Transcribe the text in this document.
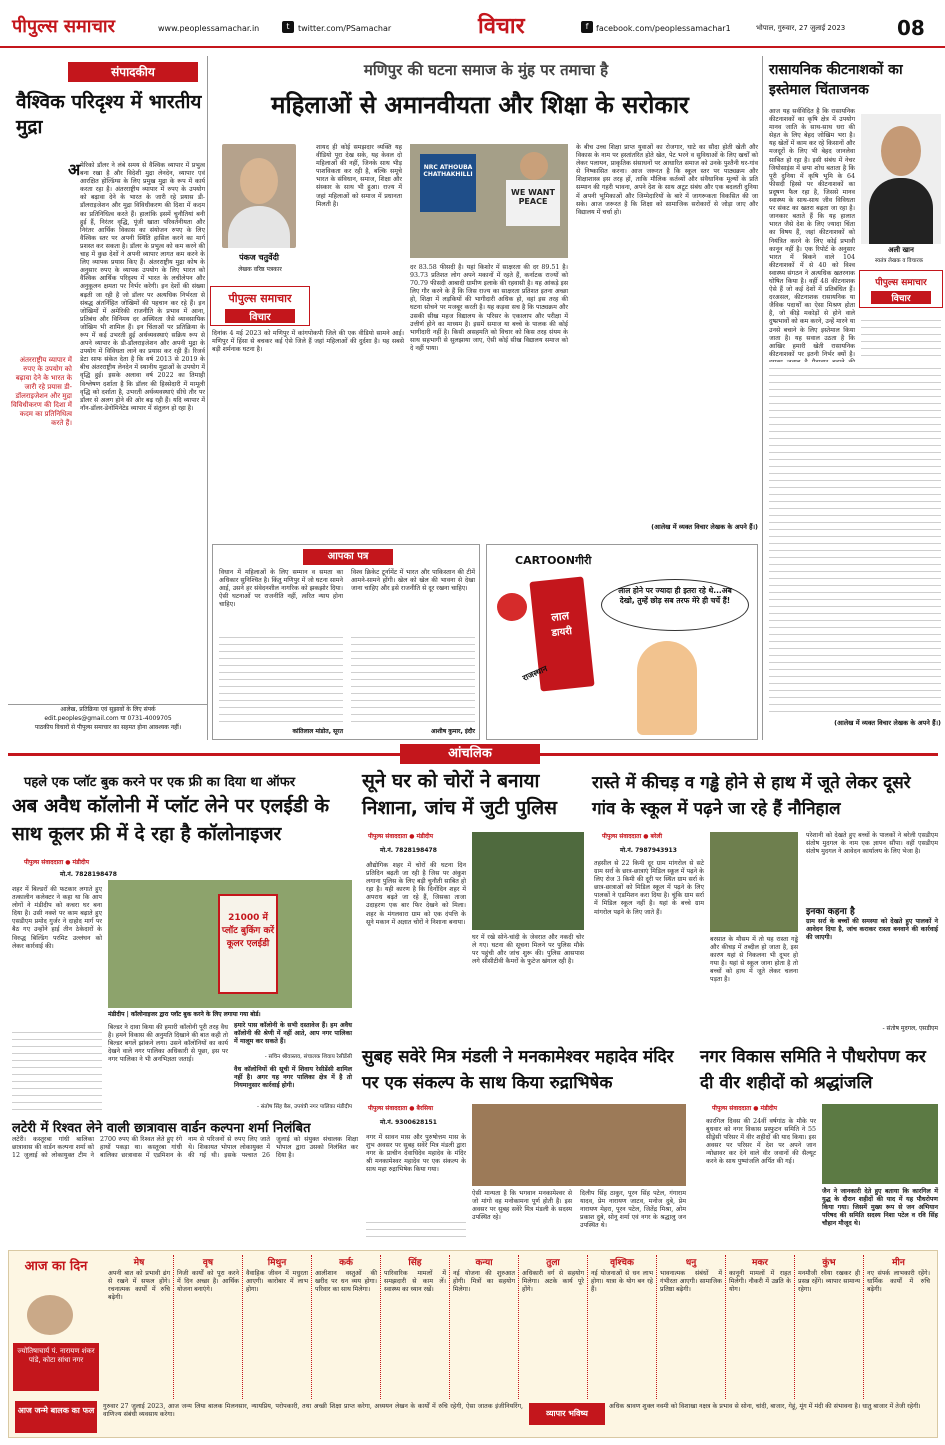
पीपुल्स समाचार	www.peoplessamachar.in	t	twitter.com/PSamachar	विचार	f facebook.com/peoplessamachar1	भोपाल, गुरुवार, 27 जुलाई 2023	08
संपादकीय
वैश्विक परिदृश्य में भारतीय मुद्रा
अ
अंतरराष्ट्रीय व्यापार में रुपए के उपयोग को बढ़ावा देने के भारत के जारी रहे प्रयास डी-डॉलराइजेशन और मुद्रा विविधीकरण की दिशा में कदम का प्रतिनिधित्व करते हैं।
मेरिको डॉलर ने लंबे समय से वैश्विक व्यापार में प्रभुत्व बना रखा है और विदेशी मुद्रा लेनदेन, व्यापार एवं आरक्षित होल्डिंग्स के लिए प्रमुख मुद्रा के रूप में कार्य करता रहा है। अंतरराष्ट्रीय व्यापार में रुपए के उपयोग को बढ़ावा देने के भारत के जारी रहे प्रयास डी-डॉलराइजेशन और मुद्रा विविधीकरण की दिशा में कदम का प्रतिनिधित्व करते हैं। हालांकि इसमें चुनौतियां बनी हुई हैं, निरंतर वृद्धि, पूंजी खाता परिवर्तनीयता और निरंतर आर्थिक विकास का संयोजन रुपए के लिए वैश्विक स्तर पर अपनी स्थिति हासिल करने का मार्ग प्रशस्त कर सकता है। डॉलर के प्रभुत्व को कम करने की चाह में कुछ देशों ने अपनी व्यापार लागत कम करने के लिए व्यापक प्रयास किए हैं। अंतरराष्ट्रीय मुद्रा कोष के अनुसार रुपए के व्यापक उपयोग के लिए भारत को वैश्विक आर्थिक परिदृश्य में भारत के लचीलेपन और अनुकूलन क्षमता पर निर्भर करेगी। इन देशों की संख्या बढ़ती जा रही है जो डॉलर पर अत्यधिक निर्भरता से संबद्ध अंतर्निहित जोखिमों की पहचान कर रहे हैं। इन जोखिमों में अमेरिकी राजनीति के प्रभाव में आना, प्रतिबंध और विनिमय दर अस्थिरता जैसे व्यावसायिक जोखिम भी शामिल हैं। इन चिंताओं पर प्रतिक्रिया के रूप में कई उभरती हुई अर्थव्यवस्थाएं सक्रिय रूप से अपने व्यापार के डी-डॉलराइजेशन और अपनी मुद्रा के उपयोग में विविधता लाने का प्रयास कर रही हैं। रिजर्व डेटा साफ संकेत देता है कि वर्ष 2013 से 2019 के बीच अंतरराष्ट्रीय लेनदेन में स्थानीय मुद्राओं के उपयोग में वृद्धि हुई। इसके अलावा वर्ष 2022 का तिमाही विश्लेषण दर्शाता है कि डॉलर की हिस्सेदारी में मामूली वृद्धि को दर्शाता है, उभरती अर्थव्यवस्थाएं सीधे तौर पर डॉलर से अलग होने की ओर बढ़ रही हैं। यदि व्यापार में नॉन-डॉलर-डेनोमिनेटेड व्यापार में संतुलन हो रहा है।
आलेख, प्रतिक्रिया एवं सुझावों के लिए संपर्क
edit.peoples@gmail.com या 0731-4009705
पाठकीय विचारों से पीपुल्स समाचार का सहमत होना आवश्यक नहीं।
मणिपुर की घटना समाज के मुंह पर तमाचा है
महिलाओं से अमानवीयता और शिक्षा के सरोकार
पंकज चतुर्वेदी
लेखक वरिष्ठ पत्रकार
पीपुल्स समाचार
विचार
शायद ही कोई समझदार व्यक्ति यह वीडियो पूरा देख सके, यह केवल दो महिलाओं की नहीं, जिनके साथ भीड़ पाशविकता कर रही है, बल्कि समूचे भारत के संविधान, समाज, शिक्षा और संस्कार के साथ भी हुआ। राज्य में जहां महिलाओं को समाज में प्रधानता मिलती है।
दिनांक 4 मई 2023 को मणिपुर में कांगपोकपी जिले की एक वीडियो सामने आई। मणिपुर में हिंसा से बचकर कई ऐसे जिले हैं जहां महिलाओं की दुर्दशा है। यह सबसे बड़ी शर्मनाक घटना है।
NRC ATHOUBA CHATHAKHILLI
WE WANT PEACE
दर 83.58 फीसदी है। यहां किशोर में साक्षरता की दर 89.51 है। 93.73 प्रतिशत लोग अपने मकानों में रहते हैं, कर्नाटक राज्यों को 70.79 फीसदी आबादी ग्रामीण इलाके की रहवासी है। यह आंकड़े इस लिए गौर करने के हैं कि जिस राज्य का साक्षरता प्रतिशत इतना अच्छा हो, शिक्षा में लड़कियों की भागीदारी अधिक हो, वहां इस तरह की घटना सोचने पर मजबूर करती है। यह कड़वा सच है कि पाठ्यक्रम और उसकी सीख महज विद्यालय के परिसर के एकालाप और परीक्षा में उत्तीर्ण होने का माध्यम है। इसमें समाज या बच्चे के पालक की कोई भागीदारी नहीं है। किसी असहमति को विचार को किस तरह संयम के साथ सहभागी से सुलझाया जाए, ऐसी कोई सीख विद्यालय समाज को दे नहीं पाया।
के बीच उच्च शिक्षा प्राप्त युवाओं का रोजगार, घाटे का सौदा होती खेती और विकास के नाम पर हस्तांतरित होते खेत, पेट भरने व सुविधाओं के लिए खर्चों को लेकर पलायन, प्राकृतिक संसाधनों पर आधारित समाज को उनके पुश्तैनी घर-गांव से निष्कासित करना। आज जरूरत है कि स्कूल स्तर पर पाठ्यक्रम और शिक्षाशास्त्र इस तरह हों, ताकि मौलिक कर्तव्यों और संवैधानिक मूल्यों के प्रति सम्मान की गहरी भावना, अपने देश के साथ अटूट संबंध और एक बदलती दुनिया में अपनी भूमिकाओं और जिम्मेदारियों के बारे में जागरूकता विकसित की जा सके। आज जरूरत है कि शिक्षा को सामाजिक सरोकारों से जोड़ा जाए और विद्यालय में चर्चा हो।
(आलेख में व्यक्त विचार लेखक के अपने हैं।)
रासायनिक कीटनाशकों का इस्तेमाल चिंताजनक
आज यह सर्वविदित है कि रासायनिक कीटनाशकों का कृषि क्षेत्र में उपयोग मानव जाति के साथ-साथ धरा की सेहत के लिए बेहद जोखिम भरा है। यह खेतों में काम कर रहे किसानों और मजदूरों के लिए भी बेहद जानलेवा साबित हो रहा है। इसी संबंध में नेचर जियोसाइंस में छपा शोध बताता है कि पूरी दुनिया में कृषि भूमि के 64 फीसदी हिस्से पर कीटनाशकों का प्रदूषण फैल रहा है, जिससे मानव स्वास्थ्य के साथ-साथ जीव विविधता पर संकट का खतरा बढ़ता जा रहा है। जानकार बताते हैं कि यह हालात भारत जैसे देश के लिए ज्यादा चिंता का विषय हैं, जहां कीटनाशकों को नियंत्रित करने के लिए कोई प्रभावी कानून नहीं है। एक रिपोर्ट के अनुसार भारत में बिकने वाले 104 कीटनाशकों में से 40 को विश्व स्वास्थ्य संगठन ने अत्यधिक खतरनाक घोषित किया है। वहीं 48 कीटनाशक ऐसे हैं जो कई देशों में प्रतिबंधित हैं। दरअसल, कीटनाशक रासायनिक या जैविक पदार्थों का ऐसा मिश्रण होता है, जो कीड़े मकोड़ों से होने वाले दुष्प्रभावों को कम करने, उन्हें मारने या उनसे बचाने के लिए इस्तेमाल किया जाता है। यह सवाल उठता है कि आखिर हमारी खेती रासायनिक कीटनाशकों पर इतनी निर्भर क्यों है।
अली खान
स्वतंत्र लेखक व विचारक
पीपुल्स समाचार
विचार
(आलेख में व्यक्त विचार लेखक के अपने हैं।)
आपका पत्र
विधान में महिलाओं के लिए सम्मान व समता का अधिकार सुनिश्चित है। किंतु मणिपुर में जो घटना सामने आई, उसने हर संवेदनशील नागरिक को झकझोर दिया। ऐसी घटनाओं पर राजनीति नहीं, त्वरित न्याय होना चाहिए।
कांतिलाल मांडोत, सूरत
विश्व क्रिकेट टूर्नामेंट में भारत और पाकिस्तान की टीमें आमने-सामने होंगी। खेल को खेल की भावना से देखा जाना चाहिए और इसे राजनीति से दूर रखना चाहिए।
आशीष कुमार, इंदौर
CARTOONगीरी
लाल
डायरी
लाल होने पर ज्यादा ही इतरा रहे थे...अब देखो, तुम्हें छोड़ सब तरफ मेरे ही चर्चे हैं!
राजस्थान
आंचलिक
पहले एक प्लॉट बुक करने पर एक फ्री का दिया था ऑफर
अब अवैध कॉलोनी में प्लॉट लेने पर एलईडी के साथ कूलर फ्री में दे रहा है कॉलोनाइजर
पीपुल्स संवाददाता ● मंडीदीप
मो.नं. 7828198478
शहर में बिल्डरों की फटकार लगाते हुए तत्कालीन कलेक्टर ने कहा था कि आप लोगों ने मंडीदीप को कचरा घर बना दिया है। उसी नक्शे पर काम बढ़ाते हुए एसडीएम प्रमोद गुर्जर ने दाहोद मार्ग पर बैठ गए उन्होंने हाई तीन ठेकेदारों के विरुद्ध बिल्डिंग परमिट उल्लंघन को लेकर कार्रवाई की।
21000 में प्लॉट बुकिंग करें कूलर एलईडी
मंडीदीप | कॉलोनाइजर द्वारा प्लॉट बुक करने के लिए लगाया गया बोर्ड।
बिल्डर ने दावा किया की हमारी कॉलोनी पूरी तरह वैध है। हमने विकास की अनुमति दिखाने की बात कही तो बिल्डर बगलें झांकने लगा। उसने कॉलोनियों का कार्य देखने वाले नगर पालिका अधिकारी से पूछा, इस पर नगर पालिका ने भी अनभिज्ञता जताई।
हमारे पास कॉलोनी के सभी दस्तावेज हैं। हम अवैध कॉलोनी की श्रेणी में नहीं आते, आप नगर पालिका में मालूम कर सकते हैं।
- सचिन श्रीवास्तव, संचालक शिवाय रेसीडेंसी
वैध कॉलोनियों की सूची में शिवाय रेसीडेंसी शामिल नहीं है। अगर यह नगर पालिका क्षेत्र में है तो नियमानुसार कार्रवाई होगी।
- संतोष सिंह बैस, उपयंत्री नगर पालिका मंडीदीप
सूने घर को चोरों ने बनाया निशाना, जांच में जुटी पुलिस
पीपुल्स संवाददाता ● मंडीदीप
मो.नं. 7828198478
औद्योगिक शहर में चोरों की घटना दिन प्रतिदिन बढ़ती जा रही है जिस पर अंकुश लगाना पुलिस के लिए बड़ी चुनौती साबित हो रहा है। यही कारण है कि दिनोंदिन शहर में अपराध बढ़ते जा रहे हैं, जिसका ताजा उदाहरण एक बार फिर देखने को मिला। शहर के मंगलवारा ग्राम को एक दंपत्ति के सूने मकान में अज्ञात चोरों ने निशाना बनाया।
घर में रखे सोने-चांदी के जेवरात और नकदी चोर ले गए। घटना की सूचना मिलने पर पुलिस मौके पर पहुंची और जांच शुरू की। पुलिस आसपास लगे सीसीटीवी कैमरों के फुटेज खंगाल रही है।
रास्ते में कीचड़ व गड्ढे होने से हाथ में जूते लेकर दूसरे गांव के स्कूल में पढ़ने जा रहे हैं नौनिहाल
पीपुल्स संवाददाता ● बरेली
मो.नं. 7987943913
तहसील से 22 किमी दूर ग्राम मांगरोल से सटे ग्राम सर्रा के छात्र-छात्राएं मिडिल स्कूल में पढ़ने के लिए रोज 3 किमी की दूरी पर स्थित ग्राम सर्रा के छात्र-छात्राओं को मिडिल स्कूल में पढ़ने के लिए पालकों ने एडमिशन करा दिया है। चूंकि ग्राम सर्रा में मिडिल स्कूल नहीं है। यहां के बच्चे ग्राम मांगरोल पढ़ने के लिए जाते हैं।
बरसात के मौसम में तो यह रास्ता गड्ढे और कीचड़ में तब्दील हो जाता है, इस कारण यहां से निकलना भी दूभर हो गया है। यहां से स्कूल जाना होता है तो बच्चों को हाथ में जूते लेकर चलना पड़ता है।
परेशानी को देखते हुए बच्चों के पालकों ने बरेली एसडीएम संतोष मुदगल के नाम एक ज्ञापन सौंपा। वहीं एसडीएम संतोष मुदगल ने आवेदन कार्यालय के लिए भेजा है।
इनका कहना है
ग्राम सर्रा के बच्चों की समस्या को देखते हुए पालकों ने आवेदन दिया है, जांच कराकर रास्ता बनवाने की कार्रवाई की जाएगी।
- संतोष मुदगल, एसडीएम
सुबह सवेरे मित्र मंडली ने मनकामेश्वर महादेव मंदिर पर एक संकल्प के साथ किया रुद्राभिषेक
पीपुल्स संवाददाता ● बैरसिया
मो.नं. 9300628151
नगर में सावन मास और पुरुषोत्तम मास के शुभ अवसर पर सुबह सवेरे मित्र मंडली द्वारा नगर के प्राचीन देवाधिदेव महादेव के मंदिर श्री मनकामेश्वर महादेव पर एक संकल्प के साथ महा रुद्राभिषेक किया गया।
ऐसी मान्यता है कि भगवान मनकामेश्वर से जो मांगो वह मनोकामना पूर्ण होती है। इस अवसर पर सुबह सवेरे मित्र मंडली के सदस्य उपस्थित रहे।
दिलीप सिंह ठाकुर, पूरन सिंह पटेल, गंगाराम यादव, प्रेम नारायण जाटव, मनोज दुबे, प्रेम नारायण मेहरा, पूरन पटेल, जितेंद्र मिश्रा, ओम प्रकाश दुबे, सोनू शर्मा एवं नगर के श्रद्धालु जन उपस्थित थे।
नगर विकास समिति ने पौधरोपण कर दी वीर शहीदों को श्रद्धांजलि
पीपुल्स संवाददाता ● मंडीदीप
कारगिल दिवस की 24वीं वर्षगांठ के मौके पर बुधवार को नगर विकास प्रस्फुटन समिति ने 55 सीड्रेसी परिसर में वीर शहीदों की याद किया। इस अवसर पर परिसर में देश पर अपने जान न्योछावर कर देने वाले वीर जवानों की सैल्यूट करने के साथ पुष्पांजलि अर्पित की गई।
जैन ने जानकारी देते हुए बताया कि कारगिल में युद्ध के दौरान शहीदों की याद में यह पौधरोपण किया गया। जिसमें मुख्य रूप से जन अभियान परिषद की समिति सदस्य निशा पटेल व रवि सिंह चौहान मौजूद थे।
लटेरी में रिश्वत लेने वाली छात्रावास वार्डन कल्पना शर्मा निलंबित
लटेरी। कस्तूरबा गांधी बालिका छात्रावास की वार्डन कल्पना शर्मा को 12 जुलाई को लोकायुक्त टीम ने 2700 रुपए की रिश्वत लेते हुए रंगे हाथों पकड़ा था। कस्तूरबा गांधी बालिका छात्रावास में एडमिशन के नाम से परिजनों से रुपए लिए जाते थे। शिकायत भोपाल लोकायुक्त में की गई थी। इसके पश्चात 26 जुलाई को संयुक्त संचालक शिक्षा भोपाल द्वारा उसको निलंबित कर दिया है।
आज का दिन
ज्योतिषाचार्य पं. नारायण शंकर पांडे, कोटा सांधा नगर
मेष
अपनी बात को प्रभावी ढंग से रखने में सफल होंगे। रचनात्मक कार्यों में रुचि बढ़ेगी।
वृष
निजी कार्यों को पूरा करने में दिन अच्छा है। आर्थिक योजना बनाएंगे।
मिथुन
वैवाहिक जीवन में मधुरता आएगी। कारोबार में लाभ होगा।
कर्क
आलीशान वस्तुओं की खरीद पर धन व्यय होगा। परिवार का साथ मिलेगा।
सिंह
पारिवारिक मामलों में समझदारी से काम लें। स्वास्थ्य का ध्यान रखें।
कन्या
नई योजना की शुरुआत होगी। मित्रों का सहयोग मिलेगा।
तुला
अधिकारी वर्ग से सहयोग मिलेगा। अटके कार्य पूरे होंगे।
वृश्चिक
नई योजनाओं से धन लाभ होगा। यात्रा के योग बन रहे हैं।
धनु
भावनात्मक संबंधों में गंभीरता आएगी। सामाजिक प्रतिष्ठा बढ़ेगी।
मकर
कानूनी मामलों में राहत मिलेगी। नौकरी में उन्नति के योग।
कुंभ
मनमौजी रवैया रखकर ही प्रसन्न रहेंगे। व्यापार सामान्य रहेगा।
मीन
नए संपर्क लाभकारी रहेंगे। धार्मिक कार्यों में रुचि बढ़ेगी।
आज जन्मे बालक का फल	गुरुवार 27 जुलाई 2023, आज जन्म लिया बालक मिलनसार, न्यायप्रिय, परोपकारी, तथा अच्छी शिक्षा प्राप्त करेगा, अध्ययन लेखन के कार्यों में रुचि रहेगी, ऐसा जातक इंजीनियरिंग, वाणिज्य संबंधी व्यवसाय करेगा।	व्यापार भविष्य
अधिक श्रावण शुक्ल नवमी को विशाखा नक्षत्र के प्रभाव से सोना, चांदी, बाजार, गेहूं, मूंग में मंदी की संभावना है। धातु बाजार में तेजी रहेगी।
